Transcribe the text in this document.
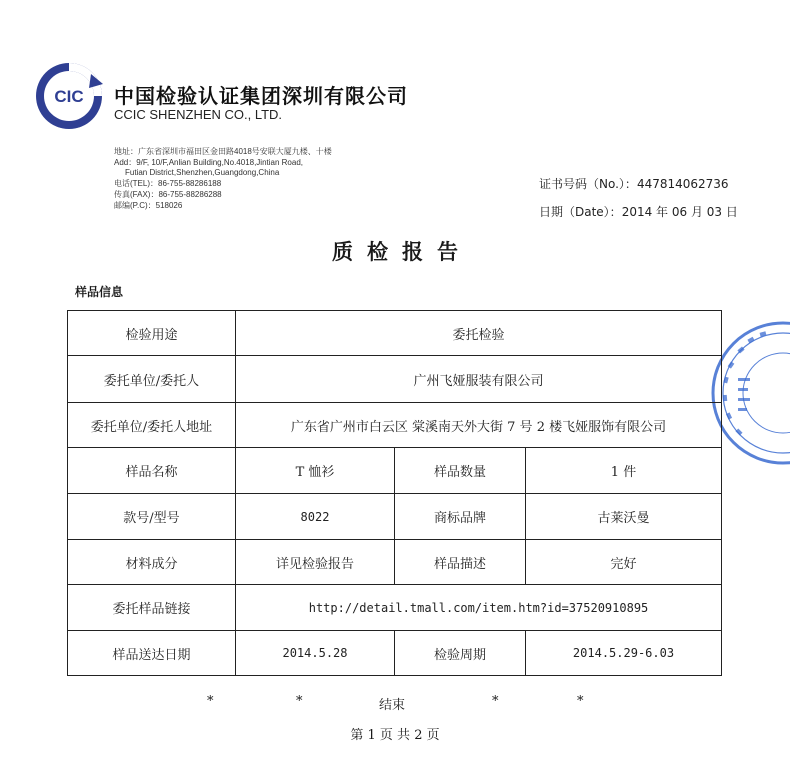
CIC 中国检验认证集团深圳有限公司
CCIC SHENZHEN CO., LTD.
地址：广东省深圳市福田区金田路4018号安联大厦九楼、十楼
Add：9/F, 10/F,Anlian Building,No.4018,Jintian Road,
Futian District,Shenzhen,Guangdong,China
电话(TEL)：86-755-88286188
传真(FAX)：86-755-88286288
邮编(P.C)：518026
证书号码（No.）：447814062736
日期（Date）：2014 年 06 月 03 日
质检报告
样品信息
检验用途	委托检验		
委托单位/委托人	广州飞娅服装有限公司		
委托单位/委托人地址	广东省广州市白云区 棠溪南天外大街 7 号 2 楼飞娅服饰有限公司		
样品名称	T 恤衫	样品数量	1 件
款号/型号	8022	商标品牌	古莱沃曼
材料成分	详见检验报告	样品描述	完好
委托样品链接	http://detail.tmall.com/item.htm?id=37520910895		
样品送达日期	2014.5.28	检验周期	2014.5.29-6.03
*	*	结束	*	*
第 1 页 共 2 页
